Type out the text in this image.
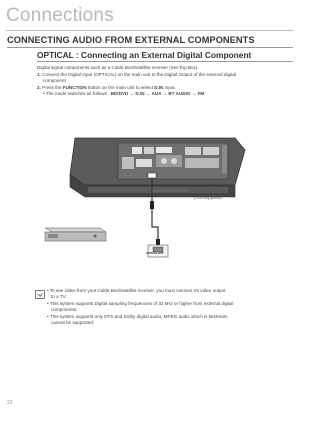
Connections
CONNECTING AUDIO FROM EXTERNAL COMPONENTS
OPTICAL : Connecting an External Digital Component
Digital signal components such as a Cable Box/Satellite receiver (Set-Top Box).
1. Connect the Digital Input (OPTICAL) on the main unit to the Digital Output of the external digital
component.
2. Press the FUNCTION button on the main unit to select D.IN input.
• The mode switches as follows : BD/DVD → D.IN → AUX → BT AUDIO → FM
Optical Cable
(not supplied)
OPTICAL OUT
• To see video from your Cable Box/Satellite receiver, you must connect it's video output
to a TV.
• This system supports Digital sampling frequencies of 32 kHz or higher from external digital
components.
• This system supports only DTS and Dolby digital audio, MPEG audio which is bitstream
cannot be supported.
22
